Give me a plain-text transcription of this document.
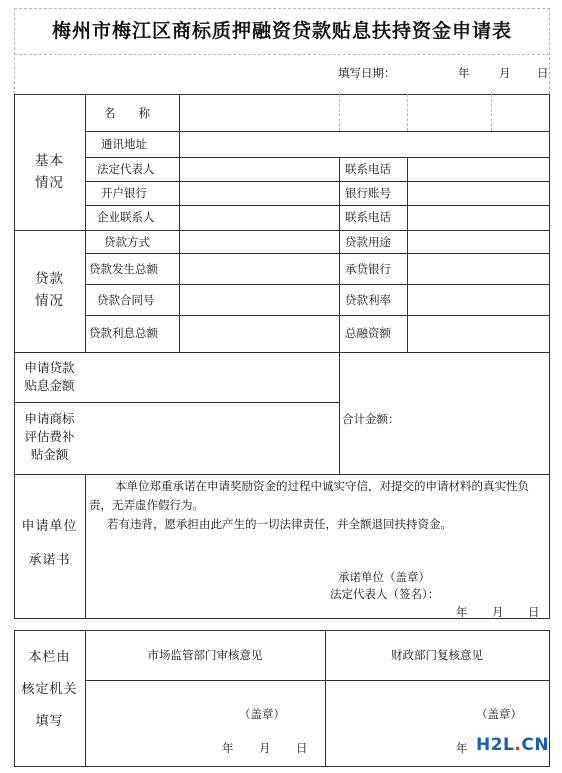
梅州市梅江区商标质押融资贷款贴息扶持资金申请表
填写日期：	年	月 日
基本
情况
名　　称
通讯地址
法定代表人	联系电话
开户银行	银行账号
企业联系人	联系电话
贷款
情况
贷款方式	贷款用途
贷款发生总额	承贷银行
贷款合同号	贷款利率
贷款利息总额	总融资额
申请贷款
贴息金额
申请商标
评估费补
贴金额
合计金额：
申请单位

承诺书
本单位郑重承诺在申请奖励资金的过程中诚实守信，对提交的申请材料的真实性负责，无弄虚作假行为。
若有违背，愿承担由此产生的一切法律责任，并全额退回扶持资金。
承诺单位（盖章）
法定代表人（签名）：
年 月 日
本栏由

核定机关

填写
市场监管部门审核意见	财政部门复核意见
（盖章）	（盖章）
年 月 日	年 H2L.CN
